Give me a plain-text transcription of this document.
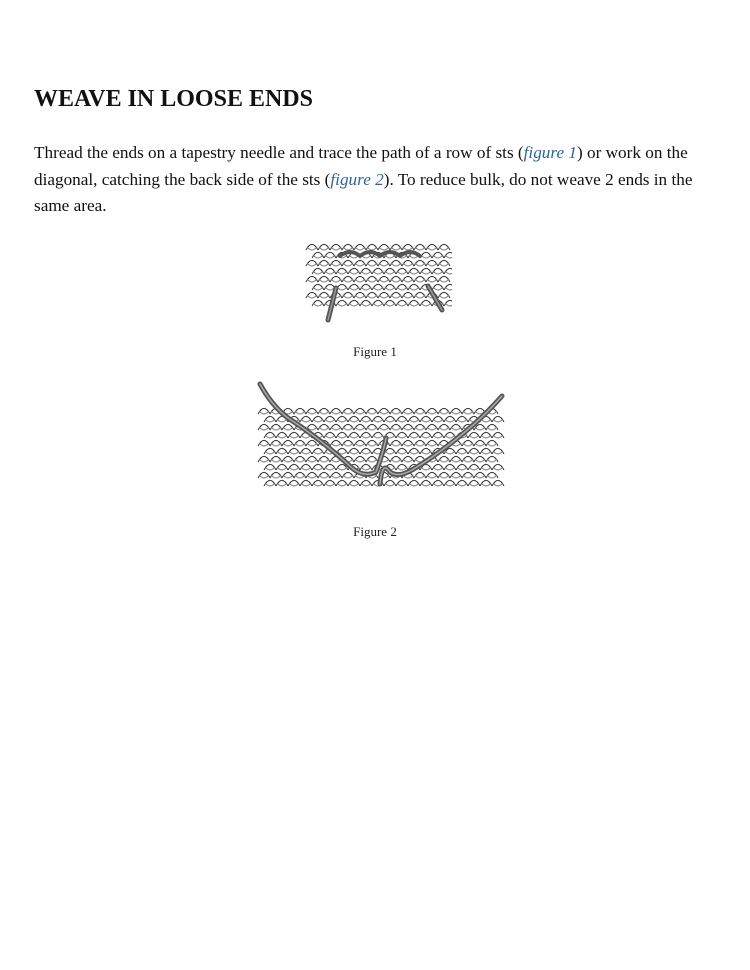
WEAVE IN LOOSE ENDS

Thread the ends on a tapestry needle and trace the path of a row of sts (figure 1) or work on the diagonal, catching the back side of the sts (figure 2). To reduce bulk, do not weave 2 ends in the same area.

Figure 1
Figure 2
